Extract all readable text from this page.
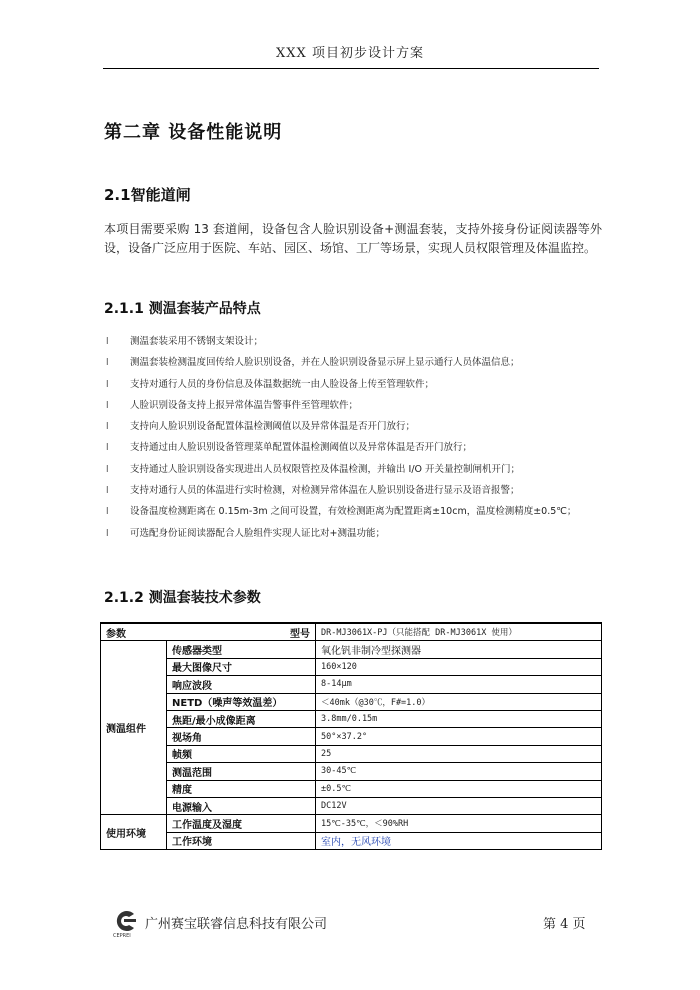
XXX 项目初步设计方案
第二章 设备性能说明
2.1智能道闸
本项目需要采购 13 套道闸，设备包含人脸识别设备+测温套装，支持外接身份证阅读器等外设，设备广泛应用于医院、车站、园区、场馆、工厂等场景，实现人员权限管理及体温监控。
2.1.1 测温套装产品特点
l 测温套装采用不锈钢支架设计；
l 测温套装检测温度回传给人脸识别设备，并在人脸识别设备显示屏上显示通行人员体温信息；
l 支持对通行人员的身份信息及体温数据统一由人脸设备上传至管理软件；
l 人脸识别设备支持上报异常体温告警事件至管理软件；
l 支持向人脸识别设备配置体温检测阈值以及异常体温是否开门放行；
l 支持通过由人脸识别设备管理菜单配置体温检测阈值以及异常体温是否开门放行；
l 支持通过人脸识别设备实现进出人员权限管控及体温检测，并输出 I/O 开关量控制闸机开门；
l 支持对通行人员的体温进行实时检测，对检测异常体温在人脸识别设备进行显示及语音报警；
l 设备温度检测距离在 0.15m-3m 之间可设置，有效检测距离为配置距离±10cm，温度检测精度±0.5℃；
l 可选配身份证阅读器配合人脸组件实现人证比对+测温功能；
2.1.2 测温套装技术参数
参数 型号		DR-MJ3061X-PJ（只能搭配 DR-MJ3061X 使用）
测温组件	传感器类型	氧化钒非制冷型探测器
	最大图像尺寸	160×120
	响应波段	8-14μm
	NETD（噪声等效温差）	＜40mk（@30℃，F#=1.0）
	焦距/最小成像距离	3.8mm/0.15m
	视场角	50°×37.2°
	帧频	25
	测温范围	30-45℃
	精度	±0.5℃
	电源输入	DC12V
使用环境	工作温度及湿度	15℃-35℃，＜90%RH
	工作环境	室内，无风环境
CEPREI
广州赛宝联睿信息科技有限公司	第 4 页
